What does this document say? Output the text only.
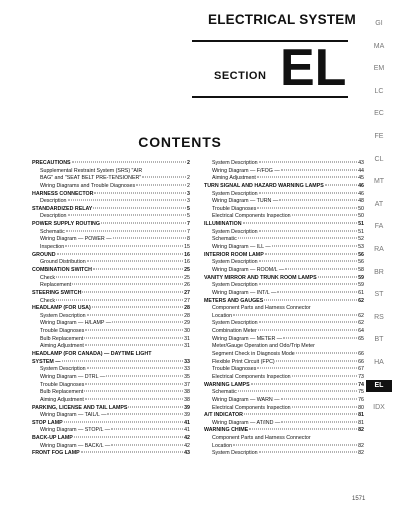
ELECTRICAL SYSTEM
SECTION EL
CONTENTS
PRECAUTIONS	2
Supplemental Restraint System (SRS) "AIR
BAG" and "SEAT BELT PRE-TENSIONER"	2
Wiring Diagrams and Trouble Diagnoses	2
HARNESS CONNECTOR	3
Description	3
STANDARDIZED RELAY	5
Description	5
POWER SUPPLY ROUTING	7
Schematic	7
Wiring Diagram — POWER —	8
Inspection	15
GROUND	16
Ground Distribution	16
COMBINATION SWITCH	25
Check	25
Replacement	26
STEERING SWITCH	27
Check	27
HEADLAMP (FOR USA)	28
System Description	28
Wiring Diagram — H/LAMP —	29
Trouble Diagnoses	30
Bulb Replacement	31
Aiming Adjustment	31
HEADLAMP (FOR CANADA) — DAYTIME LIGHT
SYSTEM —	33
System Description	33
Wiring Diagram — DTRL —	35
Trouble Diagnoses	37
Bulb Replacement	38
Aiming Adjustment	38
PARKING, LICENSE AND TAIL LAMPS	39
Wiring Diagram — TAIL/L —	39
STOP LAMP	41
Wiring Diagram — STOP/L —	41
BACK-UP LAMP	42
Wiring Diagram — BACK/L —	42
FRONT FOG LAMP	43
System Description	43
Wiring Diagram — F/FOG —	44
Aiming Adjustment	45
TURN SIGNAL AND HAZARD WARNING LAMPS	46
System Description	46
Wiring Diagram — TURN —	48
Trouble Diagnoses	50
Electrical Components Inspection	50
ILLUMINATION	51
System Description	51
Schematic	52
Wiring Diagram — ILL —	53
INTERIOR ROOM LAMP	56
System Description	56
Wiring Diagram — ROOM/L —	58
VANITY MIRROR AND TRUNK ROOM LAMPS	59
System Description	59
Wiring Diagram — INT/L —	61
METERS AND GAUGES	62
Component Parts and Harness Connector
Location	62
System Description	62
Combination Meter	64
Wiring Diagram — METER —	65
Meter/Gauge Operation and Odo/Trip Meter
Segment Check in Diagnosis Mode	66
Flexible Print Circuit (FPC)	66
Trouble Diagnoses	67
Electrical Components Inspection	73
WARNING LAMPS	74
Schematic	75
Wiring Diagram — WARN —	76
Electrical Components Inspection	80
A/T INDICATOR	81
Wiring Diagram — AT/IND —	81
WARNING CHIME	82
Component Parts and Harness Connector
Location	82
System Description	82
GI
MA
EM
LC
EC
FE
CL
MT
AT
FA
RA
BR
ST
RS
BT
HA
EL
IDX
1571
